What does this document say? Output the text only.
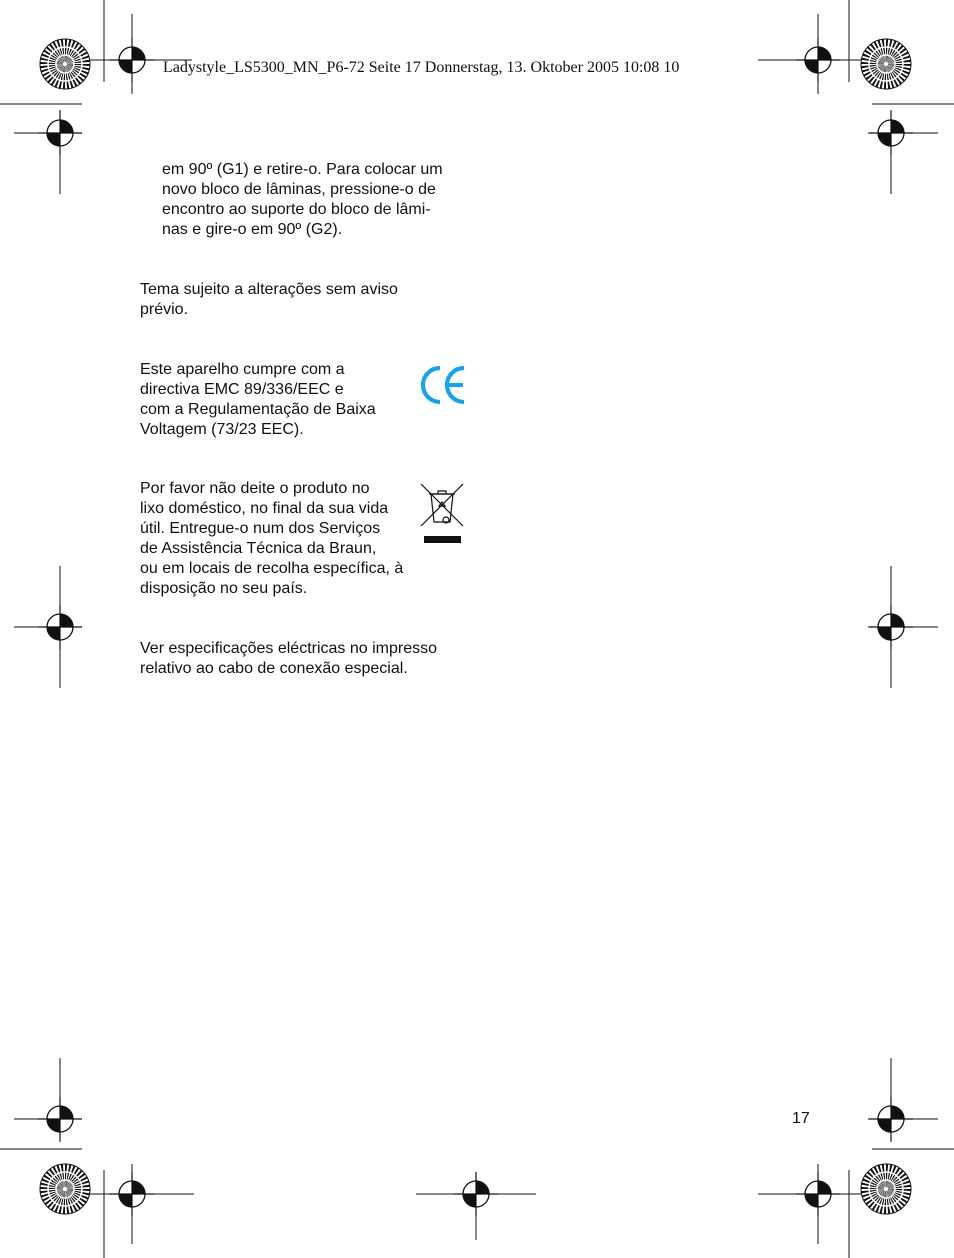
Ladystyle_LS5300_MN_P6-72 Seite 17 Donnerstag, 13. Oktober 2005 10:08 10
em 90º (G1) e retire-o. Para colocar um
novo bloco de lâminas, pressione-o de
encontro ao suporte do bloco de lâmi-
nas e gire-o em 90º (G2).
Tema sujeito a alterações sem aviso
prévio.
Este aparelho cumpre com a
directiva EMC 89/336/EEC e
com a Regulamentação de Baixa
Voltagem (73/23 EEC).
Por favor não deite o produto no
lixo doméstico, no final da sua vida
útil. Entregue-o num dos Serviços
de Assistência Técnica da Braun,
ou em locais de recolha específica, à
disposição no seu país.
Ver especificações eléctricas no impresso
relativo ao cabo de conexão especial.
17
